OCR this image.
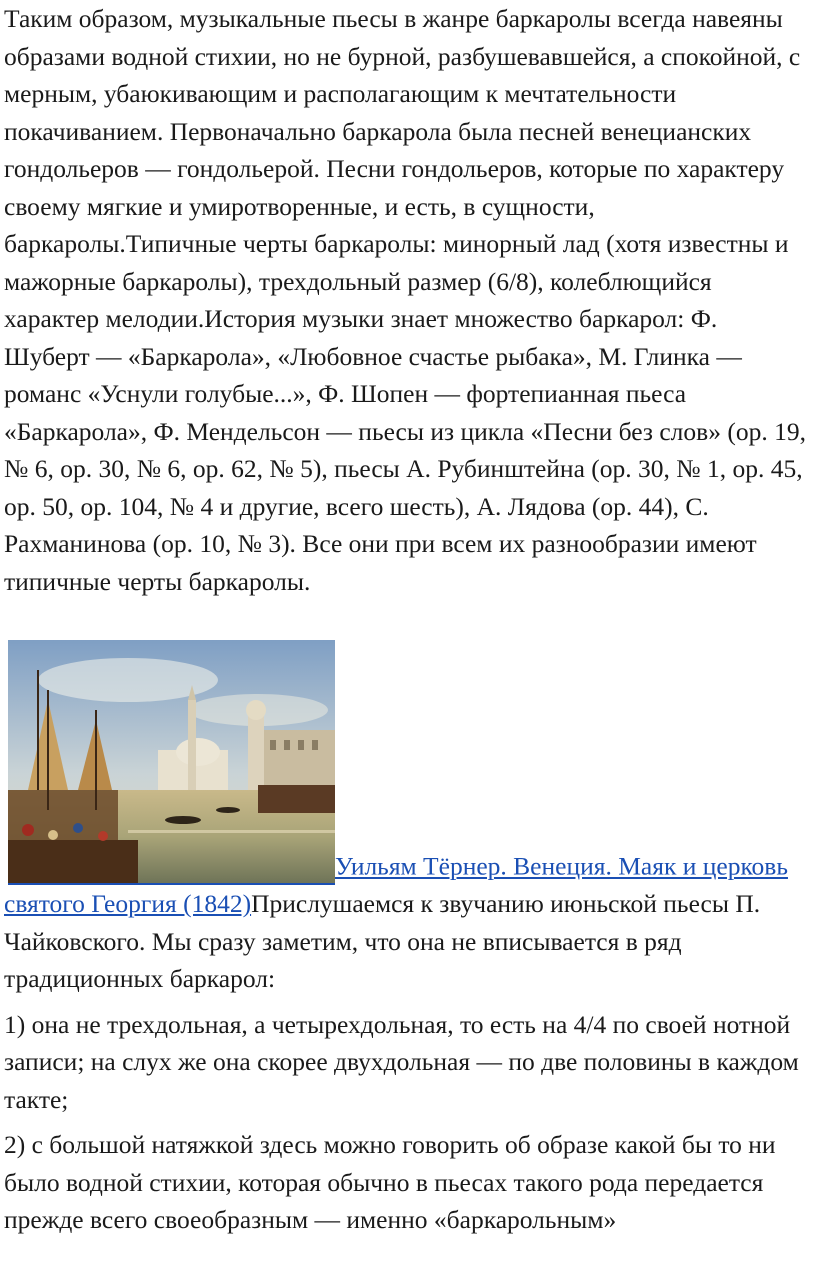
Таким образом, музыкальные пьесы в жанре баркаролы всегда навеяны образами водной стихии, но не бурной, разбушевавшейся, а спокойной, с мерным, убаюкивающим и располагающим к мечтательности покачиванием. Первоначально баркарола была песней венецианских гондольеров — гондольерой. Песни гондольеров, которые по характеру своему мягкие и умиротворенные, и есть, в сущности, баркаролы.Типичные черты баркаролы: минорный лад (хотя известны и мажорные баркаролы), трехдольный размер (6/8), колеблющийся характер мелодии.История музыки знает множество баркарол: Ф. Шуберт — «Баркарола», «Любовное счастье рыбака», М. Глинка — романс «Уснули голубые...», Ф. Шопен — фортепианная пьеса «Баркарола», Ф. Мендельсон — пьесы из цикла «Песни без слов» (ор. 19, № 6, ор. 30, № 6, ор. 62, № 5), пьесы А. Рубинштейна (ор. 30, № 1, ор. 45, ор. 50, ор. 104, № 4 и другие, всего шесть), А. Лядова (ор. 44), С. Рахманинова (ор. 10, № 3). Все они при всем их разнообразии имеют типичные черты баркаролы.

Уильям Тёрнер. Венеция. Маяк и церковь святого Георгия (1842)Прислушаемся к звучанию июньской пьесы П. Чайковского. Мы сразу заметим, что она не вписывается в ряд традиционных баркарол:

1) она не трехдольная, а четырехдольная, то есть на 4/4 по своей нотной записи; на слух же она скорее двухдольная — по две половины в каждом такте;

2) с большой натяжкой здесь можно говорить об образе какой бы то ни было водной стихии, которая обычно в пьесах такого рода передается прежде всего своеобразным — именно «баркарольным»
